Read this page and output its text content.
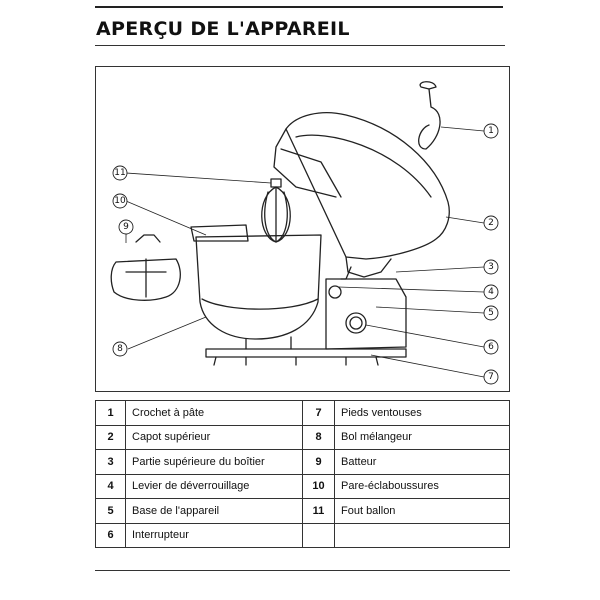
APERÇU DE L'APPAREIL
1
2
3
4
5
6
7
8
9
10
11
1	Crochet à pâte	7	Pieds ventouses
2	Capot supérieur	8	Bol mélangeur
3	Partie supérieure du boîtier	9	Batteur
4	Levier de déverrouillage	10	Pare-éclaboussures
5	Base de l'appareil	11	Fout ballon
6	Interrupteur		
